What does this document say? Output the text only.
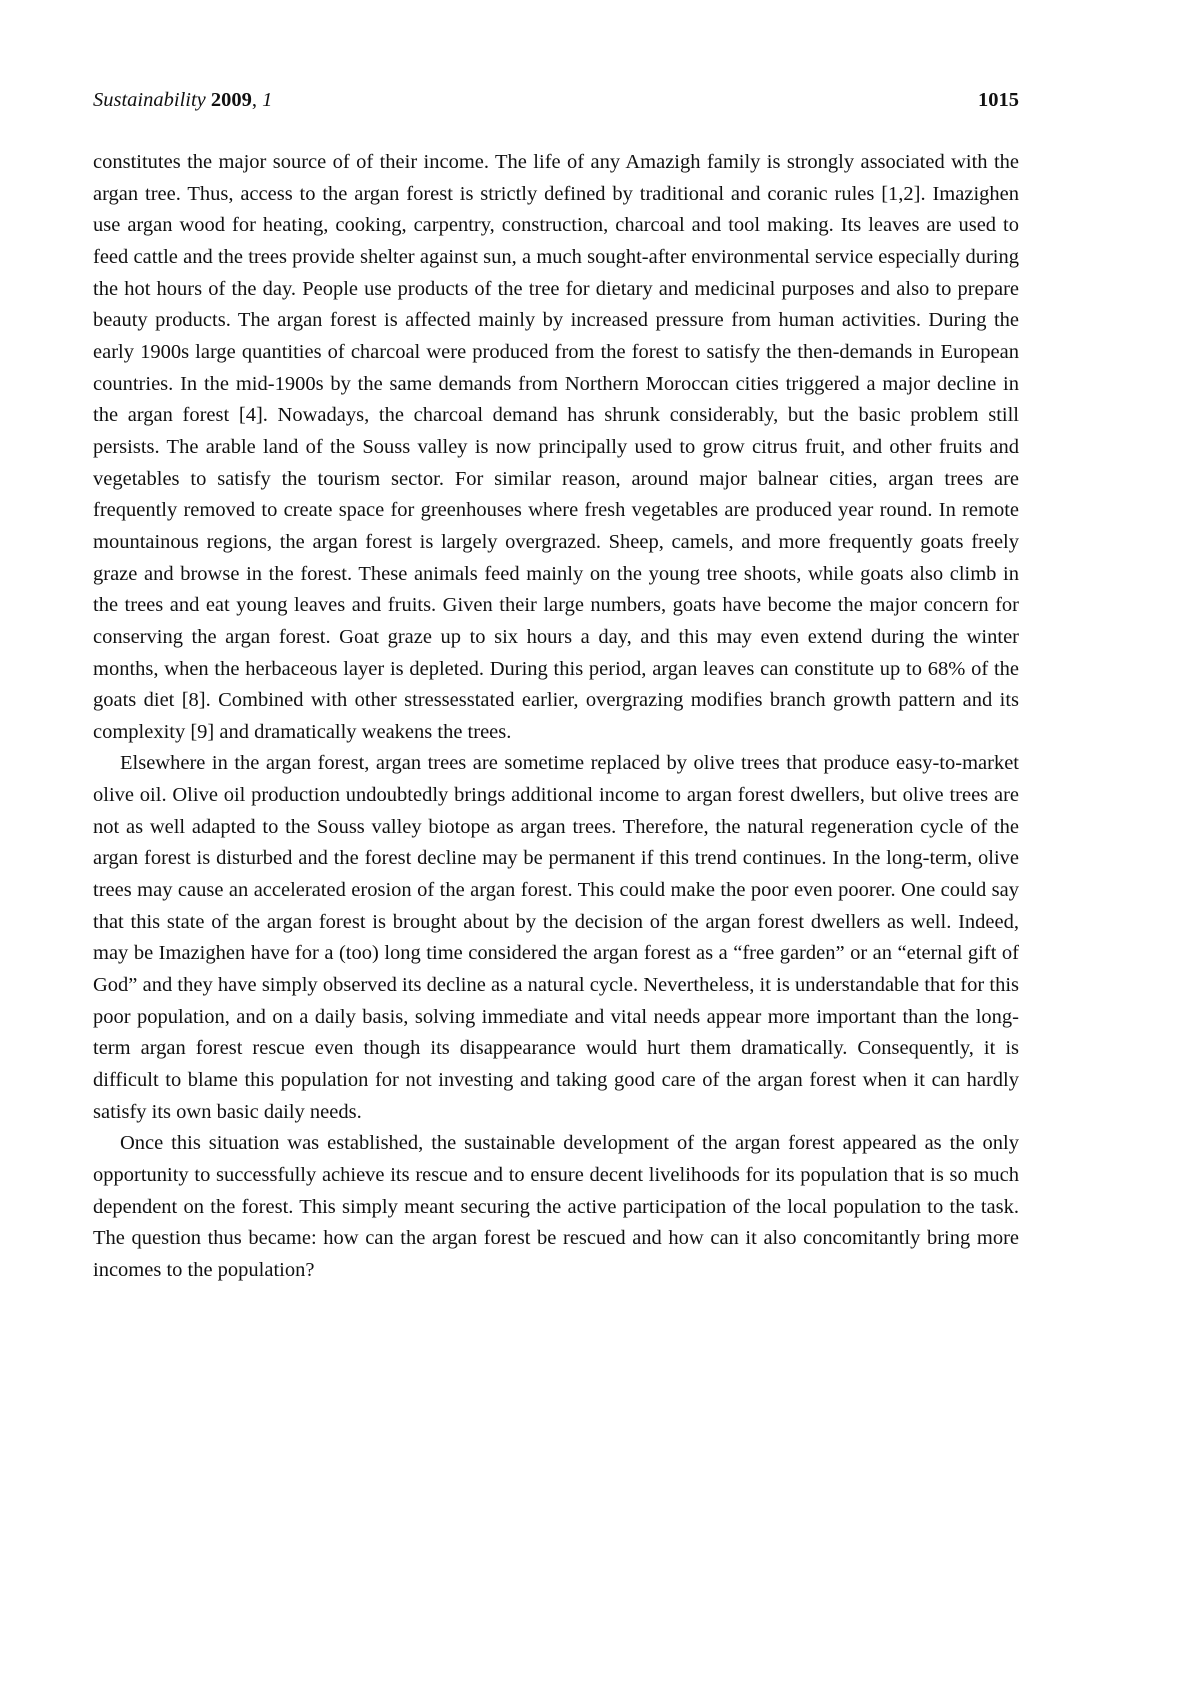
Sustainability 2009, 1	1015

constitutes the major source of of their income. The life of any Amazigh family is strongly associated with the argan tree. Thus, access to the argan forest is strictly defined by traditional and coranic rules [1,2]. Imazighen use argan wood for heating, cooking, carpentry, construction, charcoal and tool making. Its leaves are used to feed cattle and the trees provide shelter against sun, a much sought-after environmental service especially during the hot hours of the day. People use products of the tree for dietary and medicinal purposes and also to prepare beauty products. The argan forest is affected mainly by increased pressure from human activities. During the early 1900s large quantities of charcoal were produced from the forest to satisfy the then-demands in European countries. In the mid-1900s by the same demands from Northern Moroccan cities triggered a major decline in the argan forest [4]. Nowadays, the charcoal demand has shrunk considerably, but the basic problem still persists. The arable land of the Souss valley is now principally used to grow citrus fruit, and other fruits and vegetables to satisfy the tourism sector. For similar reason, around major balnear cities, argan trees are frequently removed to create space for greenhouses where fresh vegetables are produced year round. In remote mountainous regions, the argan forest is largely overgrazed. Sheep, camels, and more frequently goats freely graze and browse in the forest. These animals feed mainly on the young tree shoots, while goats also climb in the trees and eat young leaves and fruits. Given their large numbers, goats have become the major concern for conserving the argan forest. Goat graze up to six hours a day, and this may even extend during the winter months, when the herbaceous layer is depleted. During this period, argan leaves can constitute up to 68% of the goats diet [8]. Combined with other stressesstated earlier, overgrazing modifies branch growth pattern and its complexity [9] and dramatically weakens the trees.

Elsewhere in the argan forest, argan trees are sometime replaced by olive trees that produce easy-to-market olive oil. Olive oil production undoubtedly brings additional income to argan forest dwellers, but olive trees are not as well adapted to the Souss valley biotope as argan trees. Therefore, the natural regeneration cycle of the argan forest is disturbed and the forest decline may be permanent if this trend continues. In the long-term, olive trees may cause an accelerated erosion of the argan forest. This could make the poor even poorer. One could say that this state of the argan forest is brought about by the decision of the argan forest dwellers as well. Indeed, may be Imazighen have for a (too) long time considered the argan forest as a “free garden” or an “eternal gift of God” and they have simply observed its decline as a natural cycle. Nevertheless, it is understandable that for this poor population, and on a daily basis, solving immediate and vital needs appear more important than the long-term argan forest rescue even though its disappearance would hurt them dramatically. Consequently, it is difficult to blame this population for not investing and taking good care of the argan forest when it can hardly satisfy its own basic daily needs.

Once this situation was established, the sustainable development of the argan forest appeared as the only opportunity to successfully achieve its rescue and to ensure decent livelihoods for its population that is so much dependent on the forest. This simply meant securing the active participation of the local population to the task. The question thus became: how can the argan forest be rescued and how can it also concomitantly bring more incomes to the population?
